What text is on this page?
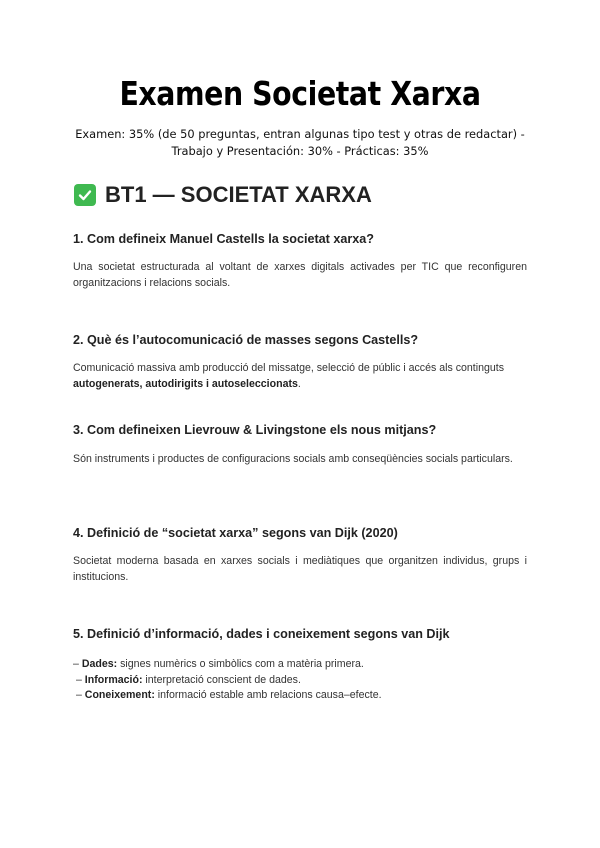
Examen Societat Xarxa
Examen: 35% (de 50 preguntas, entran algunas tipo test y otras de redactar) -
Trabajo y Presentación: 30% - Prácticas: 35%
BT1 — SOCIETAT XARXA
1. Com defineix Manuel Castells la societat xarxa?
Una societat estructurada al voltant de xarxes digitals activades per TIC que reconfiguren organitzacions i relacions socials.
2. Què és l’autocomunicació de masses segons Castells?
Comunicació massiva amb producció del missatge, selecció de públic i accés als continguts
autogenerats, autodirigits i autoseleccionats.
3. Com defineixen Lievrouw & Livingstone els nous mitjans?
Són instruments i productes de configuracions socials amb conseqüències socials particulars.
4. Definició de “societat xarxa” segons van Dijk (2020)
Societat moderna basada en xarxes socials i mediàtiques que organitzen individus, grups i institucions.
5. Definició d’informació, dades i coneixement segons van Dijk
– Dades: signes numèrics o simbòlics com a matèria primera.
– Informació: interpretació conscient de dades.
– Coneixement: informació estable amb relacions causa–efecte.
